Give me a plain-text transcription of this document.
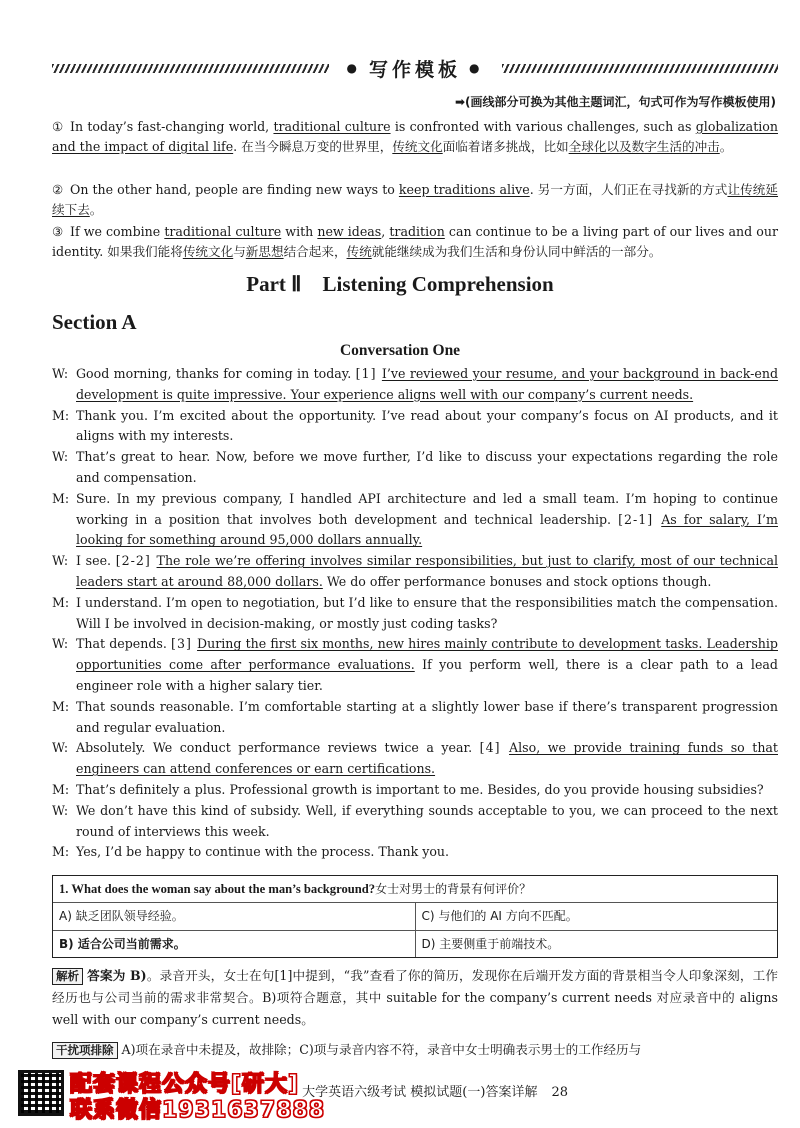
● 写作模板 ●
➡(画线部分可换为其他主题词汇，句式可作为写作模板使用)
① In today’s fast-changing world, traditional culture is confronted with various challenges, such as globalization and the impact of digital life. 在当今瞬息万变的世界里，传统文化面临着诸多挑战，比如全球化以及数字生活的冲击。
② On the other hand, people are finding new ways to keep traditions alive. 另一方面，人们正在寻找新的方式让传统延续下去。
③ If we combine traditional culture with new ideas, tradition can continue to be a living part of our lives and our identity. 如果我们能将传统文化与新思想结合起来，传统就能继续成为我们生活和身份认同中鲜活的一部分。
Part Ⅱ    Listening Comprehension
Section A
Conversation One
W: Good morning, thanks for coming in today. [1] I’ve reviewed your resume, and your background in back-end development is quite impressive. Your experience aligns well with our company’s current needs.
M: Thank you. I’m excited about the opportunity. I’ve read about your company’s focus on AI products, and it aligns with my interests.
W: That’s great to hear. Now, before we move further, I’d like to discuss your expectations regarding the role and compensation.
M: Sure. In my previous company, I handled API architecture and led a small team. I’m hoping to continue working in a position that involves both development and technical leadership. [2-1] As for salary, I’m looking for something around 95,000 dollars annually.
W: I see. [2-2] The role we’re offering involves similar responsibilities, but just to clarify, most of our technical leaders start at around 88,000 dollars. We do offer performance bonuses and stock options though.
M: I understand. I’m open to negotiation, but I’d like to ensure that the responsibilities match the compensation. Will I be involved in decision-making, or mostly just coding tasks?
W: That depends. [3] During the first six months, new hires mainly contribute to development tasks. Leadership opportunities come after performance evaluations. If you perform well, there is a clear path to a lead engineer role with a higher salary tier.
M: That sounds reasonable. I’m comfortable starting at a slightly lower base if there’s transparent progression and regular evaluation.
W: Absolutely. We conduct performance reviews twice a year. [4] Also, we provide training funds so that engineers can attend conferences or earn certifications.
M: That’s definitely a plus. Professional growth is important to me. Besides, do you provide housing subsidies?
W: We don’t have this kind of subsidy. Well, if everything sounds acceptable to you, we can proceed to the next round of interviews this week.
M: Yes, I’d be happy to continue with the process. Thank you.
1. What does the woman say about the man’s background?女士对男士的背景有何评价？
A) 缺乏团队领导经验。	C) 与他们的 AI 方向不匹配。
B) 适合公司当前需求。	D) 主要侧重于前端技术。
解析 答案为 B)。录音开头，女士在句[1]中提到，“我”查看了你的简历，发现你在后端开发方面的背景相当令人印象深刻，工作经历也与公司当前的需求非常契合。B)项符合题意，其中 suitable for the company’s current needs 对应录音中的 aligns well with our company’s current needs。
干扰项排除 A)项在录音中未提及，故排除；C)项与录音内容不符，录音中女士明确表示男士的工作经历与
配套课程公众号[研大]
联系微信1931637888
大学英语六级考试 模拟试题(一)答案详解 28
